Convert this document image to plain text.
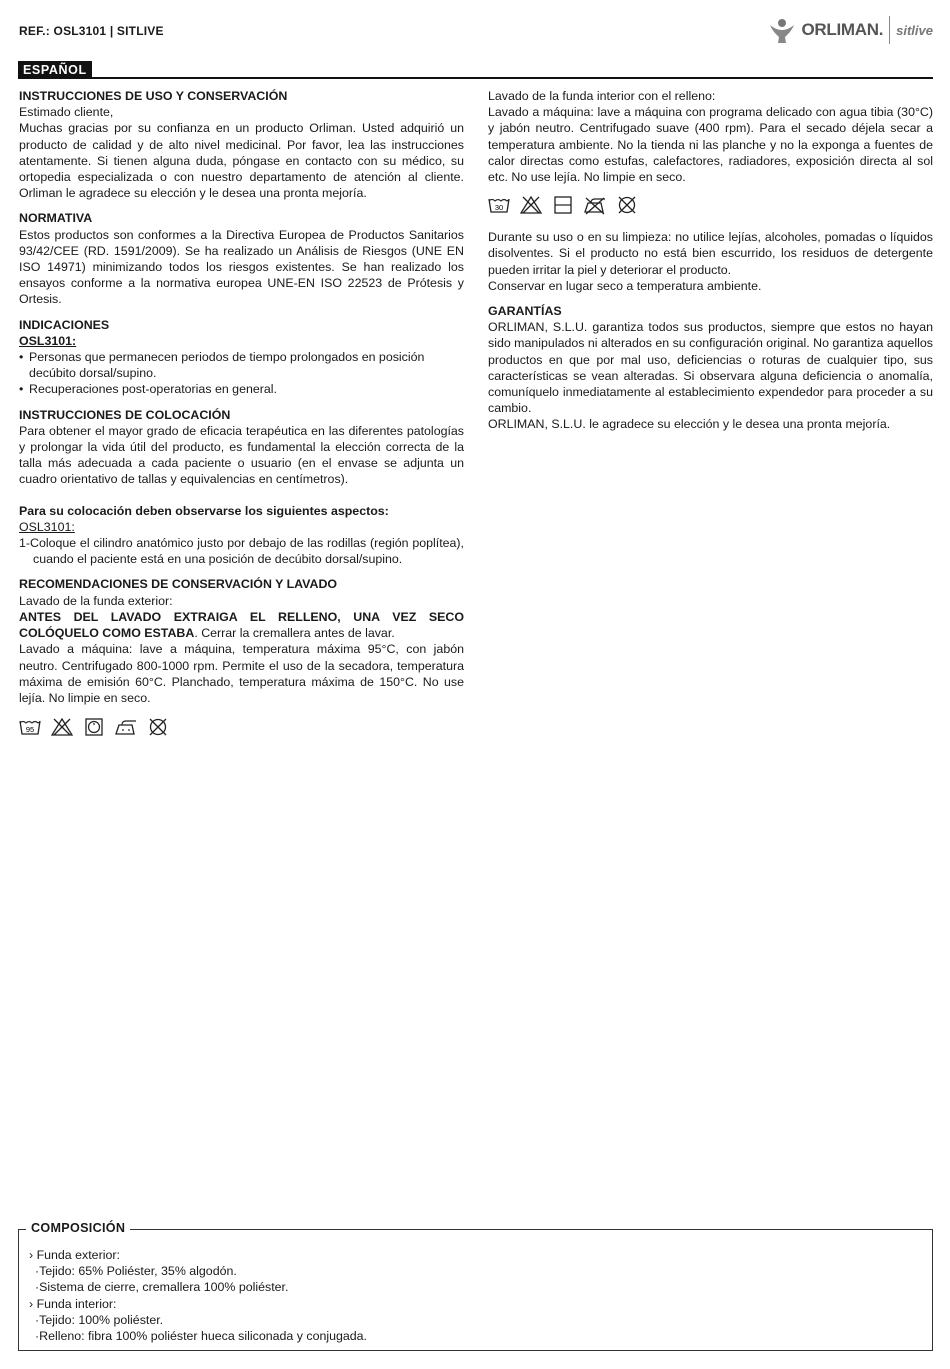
REF.: OSL3101 | SITLIVE	ORLIMAN. sitlive
ESPAÑOL
INSTRUCCIONES DE USO Y CONSERVACIÓN

Estimado cliente,

Muchas gracias por su confianza en un producto Orliman. Usted adquirió un producto de calidad y de alto nivel medicinal. Por favor, lea las instrucciones atentamente. Si tienen alguna duda, póngase en contacto con su médico, su ortopedia especializada o con nuestro departamento de atención al cliente. Orliman le agradece su elección y le desea una pronta mejoría.

NORMATIVA

Estos productos son conformes a la Directiva Europea de Productos Sanitarios 93/42/CEE (RD. 1591/2009). Se ha realizado un Análisis de Riesgos (UNE EN ISO 14971) minimizando todos los riesgos existentes. Se han realizado los ensayos conforme a la normativa europea UNE-EN ISO 22523 de Prótesis y Ortesis.

INDICACIONES
OSL3101:
• Personas que permanecen periodos de tiempo prolongados en posición decúbito dorsal/supino.
• Recuperaciones post-operatorias en general.
INSTRUCCIONES DE COLOCACIÓN

Para obtener el mayor grado de eficacia terapéutica en las diferentes patologías y prolongar la vida útil del producto, es fundamental la elección correcta de la talla más adecuada a cada paciente o usuario (en el envase se adjunta un cuadro orientativo de tallas y equivalencias en centímetros).

Para su colocación deben observarse los siguientes aspectos:
OSL3101:

1-Coloque el cilindro anatómico justo por debajo de las rodillas (región poplítea), cuando el paciente está en una posición de decúbito dorsal/supino.

RECOMENDACIONES DE CONSERVACIÓN Y LAVADO

Lavado de la funda exterior:

ANTES DEL LAVADO EXTRAIGA EL RELLENO, UNA VEZ SECO COLÓQUELO COMO ESTABA. Cerrar la cremallera antes de lavar.

Lavado a máquina: lave a máquina, temperatura máxima 95°C, con jabón neutro. Centrifugado 800-1000 rpm. Permite el uso de la secadora, temperatura máxima de emisión 60°C. Planchado, temperatura máxima de 150°C. No use lejía. No limpie en seco.

95

Lavado de la funda interior con el relleno:

Lavado a máquina: lave a máquina con programa delicado con agua tibia (30°C) y jabón neutro. Centrifugado suave (400 rpm). Para el secado déjela secar a temperatura ambiente. No la tienda ni las planche y no la exponga a fuentes de calor directas como estufas, calefactores, radiadores, exposición directa al sol etc. No use lejía. No limpie en seco.

30

Durante su uso o en su limpieza: no utilice lejías, alcoholes, pomadas o líquidos disolventes. Si el producto no está bien escurrido, los residuos de detergente pueden irritar la piel y deteriorar el producto.

Conservar en lugar seco a temperatura ambiente.

GARANTÍAS

ORLIMAN, S.L.U. garantiza todos sus productos, siempre que estos no hayan sido manipulados ni alterados en su configuración original. No garantiza aquellos productos en que por mal uso, deficiencias o roturas de cualquier tipo, sus características se vean alteradas. Si observara alguna deficiencia o anomalía, comuníquelo inmediatamente al establecimiento expendedor para proceder a su cambio.

ORLIMAN, S.L.U. le agradece su elección y le desea una pronta mejoría.

COMPOSICIÓN
› Funda exterior:
·Tejido: 65% Poliéster, 35% algodón.
·Sistema de cierre, cremallera 100% poliéster.
› Funda interior:
·Tejido: 100% poliéster.
·Relleno: fibra 100% poliéster hueca siliconada y conjugada.
